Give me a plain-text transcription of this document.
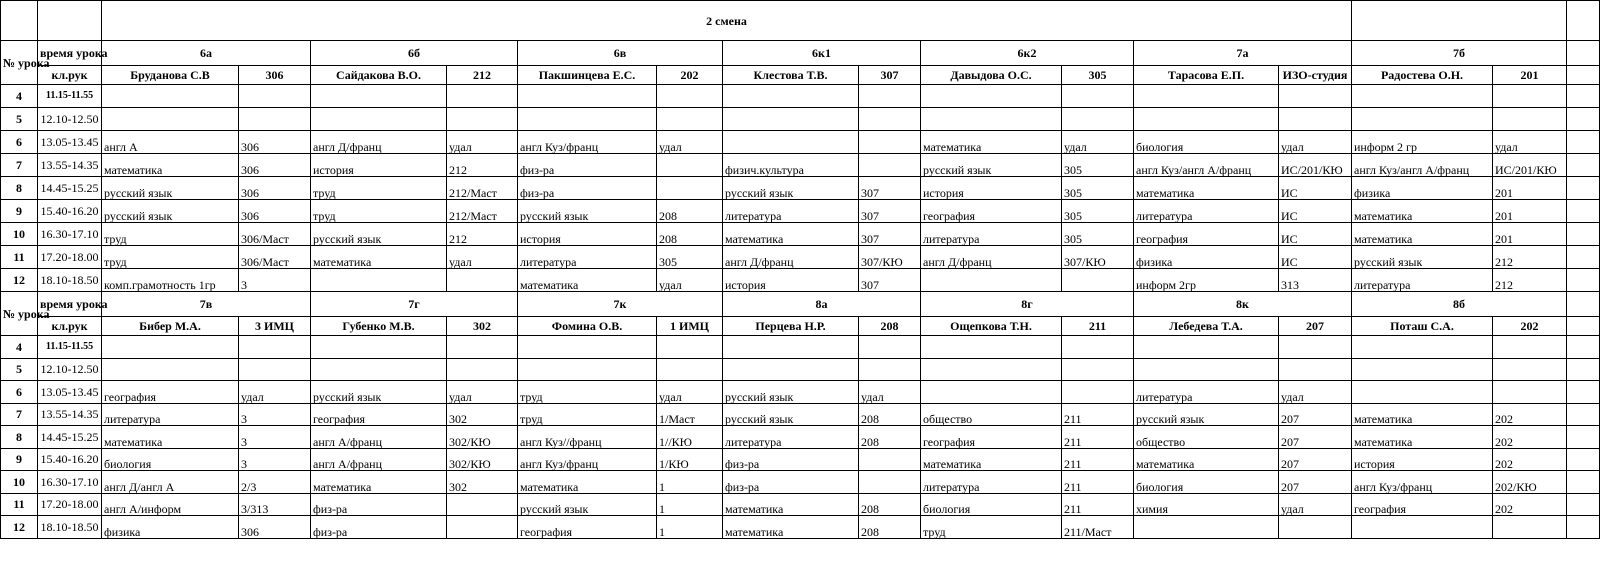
		2 смена														
№ урока	время урока	6а		6б		6в		6к1		6к2		7а		7б		
	кл.рук	Бруданова С.В	306	Сайдакова В.О.	212	Пакшинцева Е.С.	202	Клестова Т.В.	307	Давыдова О.С.	305	Тарасова Е.П.	ИЗО-студия	Радостева О.Н.	201	
4	11.15-11.55															
5	12.10-12.50															
6	13.05-13.45	англ А	306	англ Д/франц	удал	англ Куз/франц	удал			математика	удал	биология	удал	информ 2 гр	удал	
7	13.55-14.35	математика	306	история	212	физ-ра		физич.культура		русский язык	305	англ Куз/англ А/франц	ИС/201/КЮ	англ Куз/англ А/франц	ИС/201/КЮ	
8	14.45-15.25	русский язык	306	труд	212/Маст	физ-ра		русский язык	307	история	305	математика	ИС	физика	201	
9	15.40-16.20	русский язык	306	труд	212/Маст	русский язык	208	литература	307	география	305	литература	ИС	математика	201	
10	16.30-17.10	труд	306/Маст	русский язык	212	история	208	математика	307	литература	305	география	ИС	математика	201	
11	17.20-18.00	труд	306/Маст	математика	удал	литература	305	англ Д/франц	307/КЮ	англ Д/франц	307/КЮ	физика	ИС	русский язык	212	
12	18.10-18.50	комп.грамотность 1гр	3			математика	удал	история	307			информ 2гр	313	литература	212	
№ урока	время урока	7в		7г		7к		8а		8г		8к		8б		
	кл.рук	Бибер М.А.	3 ИМЦ	Губенко М.В.	302	Фомина О.В.	1 ИМЦ	Перцева Н.Р.	208	Ощепкова Т.Н.	211	Лебедева Т.А.	207	Поташ С.А.	202	
4	11.15-11.55															
5	12.10-12.50															
6	13.05-13.45	география	удал	русский язык	удал	труд	удал	русский язык	удал			литература	удал			
7	13.55-14.35	литература	3	география	302	труд	1/Маст	русский язык	208	общество	211	русский язык	207	математика	202	
8	14.45-15.25	математика	3	англ А/франц	302/КЮ	англ Куз//франц	1//КЮ	литература	208	география	211	общество	207	математика	202	
9	15.40-16.20	биология	3	англ А/франц	302/КЮ	англ Куз/франц	1/КЮ	физ-ра		математика	211	математика	207	история	202	
10	16.30-17.10	англ Д/англ А	2/3	математика	302	математика	1	физ-ра		литература	211	биология	207	англ Куз/франц	202/КЮ	
11	17.20-18.00	англ А/информ	3/313	физ-ра		русский язык	1	математика	208	биология	211	химия	удал	география	202	
12	18.10-18.50	физика	306	физ-ра		география	1	математика	208	труд	211/Маст					
